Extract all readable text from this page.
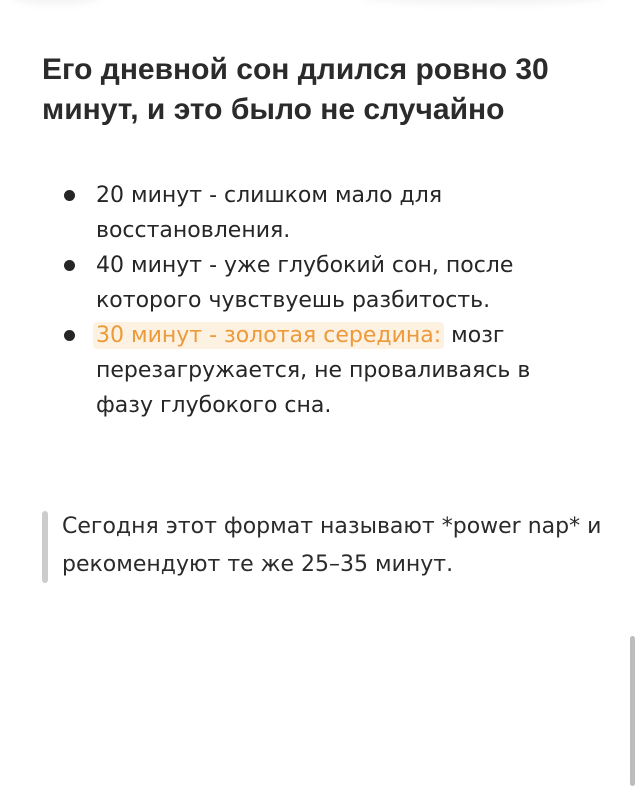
Его дневной сон длился ровно 30 минут, и это было не случайно
20 минут - слишком мало для восстановления.
40 минут - уже глубокий сон, после которого чувствуешь разбитость.
30 минут - золотая середина: мозг перезагружается, не проваливаясь в фазу глубокого сна.

Сегодня этот формат называют *power nap* и рекомендуют те же 25–35 минут.
